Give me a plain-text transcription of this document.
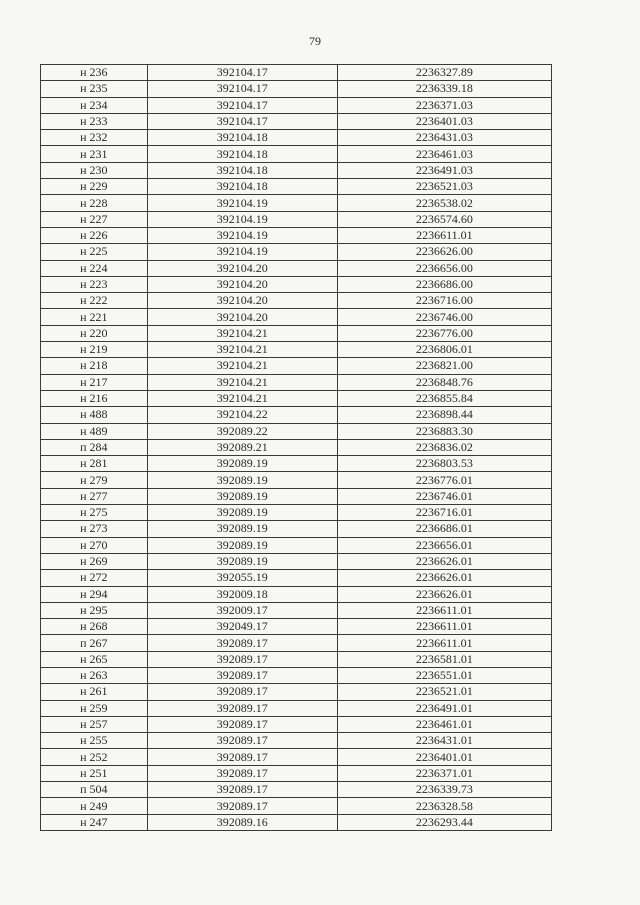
79
н 236	392104.17	2236327.89
н 235	392104.17	2236339.18
н 234	392104.17	2236371.03
н 233	392104.17	2236401.03
н 232	392104.18	2236431.03
н 231	392104.18	2236461.03
н 230	392104.18	2236491.03
н 229	392104.18	2236521.03
н 228	392104.19	2236538.02
н 227	392104.19	2236574.60
н 226	392104.19	2236611.01
н 225	392104.19	2236626.00
н 224	392104.20	2236656.00
н 223	392104.20	2236686.00
н 222	392104.20	2236716.00
н 221	392104.20	2236746.00
н 220	392104.21	2236776.00
н 219	392104.21	2236806.01
н 218	392104.21	2236821.00
н 217	392104.21	2236848.76
н 216	392104.21	2236855.84
н 488	392104.22	2236898.44
н 489	392089.22	2236883.30
п 284	392089.21	2236836.02
н 281	392089.19	2236803.53
н 279	392089.19	2236776.01
н 277	392089.19	2236746.01
н 275	392089.19	2236716.01
н 273	392089.19	2236686.01
н 270	392089.19	2236656.01
н 269	392089.19	2236626.01
н 272	392055.19	2236626.01
н 294	392009.18	2236626.01
н 295	392009.17	2236611.01
н 268	392049.17	2236611.01
п 267	392089.17	2236611.01
н 265	392089.17	2236581.01
н 263	392089.17	2236551.01
н 261	392089.17	2236521.01
н 259	392089.17	2236491.01
н 257	392089.17	2236461.01
н 255	392089.17	2236431.01
н 252	392089.17	2236401.01
н 251	392089.17	2236371.01
п 504	392089.17	2236339.73
н 249	392089.17	2236328.58
н 247	392089.16	2236293.44
